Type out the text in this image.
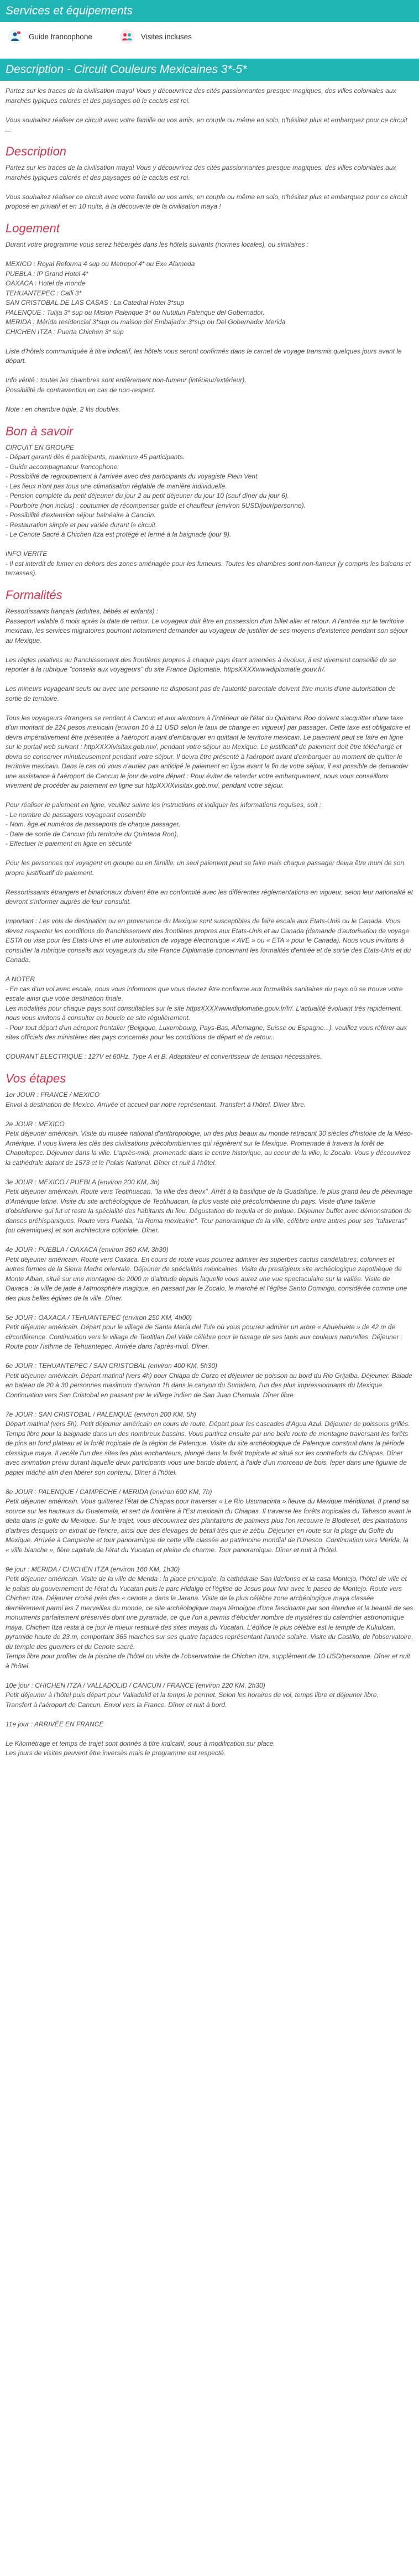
Services et équipements
Guide francophone	Visites incluses
Description - Circuit Couleurs Mexicaines 3*-5*

Partez sur les traces de la civilisation maya! Vous y découvrirez des cités passionnantes presque magiques, des villes coloniales aux marchés typiques colorés et des paysages où le cactus est roi.

Vous souhaitez réaliser ce circuit avec votre famille ou vos amis, en couple ou même en solo, n'hésitez plus et embarquez pour ce circuit ...

Description

Partez sur les traces de la civilisation maya! Vous y découvrirez des cités passionnantes presque magiques, des villes coloniales aux marchés typiques colorés et des paysages où le cactus est roi.

Vous souhaitez réaliser ce circuit avec votre famille ou vos amis, en couple ou même en solo, n'hésitez plus et embarquez pour ce circuit proposé en privatif et en 10 nuits, à la découverte de la civilisation maya !

Logement

Durant votre programme vous serez hébergés dans les hôtels suivants (normes locales), ou similaires :

MEXICO : Royal Reforma 4 sup ou Metropol 4* ou Exe Alameda
PUEBLA : lP Grand Hotel 4*
OAXACA : Hotel de monde
TEHUANTEPEC : Calli 3*
SAN CRISTOBAL DE LAS CASAS : La Catedral Hotel 3*sup
PALENQUE : Tulija 3* sup ou Mision Palenque 3* ou Nututun Palenque del Gobernador.
MERIDA : Mérida residencial 3*sup ou maison del Embajador 3*sup ou Del Gobernador Merida
CHICHEN ITZA : Puerta Chichen 3* sup

Liste d'hôtels communiquée à titre indicatif, les hôtels vous seront confirmés dans le carnet de voyage transmis quelques jours avant le départ.

Info vérité : toutes les chambres sont entièrement non-fumeur (intérieur/extérieur).
Possibilité de contravention en cas de non-respect.

Note : en chambre triple, 2 lits doubles.

Bon à savoir

CIRCUIT EN GROUPE
- Départ garanti dès 6 participants, maximum 45 participants.
- Guide accompagnateur francophone.
- Possibilité de regroupement à l'arrivée avec des participants du voyagiste Plein Vent.
- Les lieux n'ont pas tous une climatisation réglable de manière individuelle.
- Pension complète du petit déjeuner du jour 2 au petit déjeuner du jour 10 (sauf dîner du jour 6).
- Pourboire (non inclus) : coutumier de récompenser guide et chauffeur (environ 5USD/jour/personne).
- Possibilité d'extension séjour balnéaire à Cancún.
- Restauration simple et peu variée durant le circuit.
- Le Cenote Sacré à Chichen Itza est protégé et fermé à la baignade (jour 9).

INFO VERITE
- Il est interdit de fumer en dehors des zones aménagée pour les fumeurs. Toutes les chambres sont non-fumeur (y compris les balcons et terrasses).

Formalités

Ressortissants français (adultes, bébés et enfants) :
Passeport valable 6 mois après la date de retour. Le voyageur doit être en possession d'un billet aller et retour. A l'entrée sur le territoire mexicain, les services migratoires pourront notamment demander au voyageur de justifier de ses moyens d'existence pendant son séjour au Mexique.

Les règles relatives au franchissement des frontières propres à chaque pays étant amenées à évoluer, il est vivement conseillé de se reporter à la rubrique "conseils aux voyageurs" du site France Diplomatie, httpsXXXXwwwdiplomatie.gouv.fr/.

Les mineurs voyageant seuls ou avec une personne ne disposant pas de l'autorité parentale doivent être munis d'une autorisation de sortie de territoire.

Tous les voyageurs étrangers se rendant à Cancun et aux alentours à l'intérieur de l'état du Quintana Roo doivent s'acquitter d'une taxe d'un montant de 224 pesos mexicain (environ 10 à 11 USD selon le taux de change en vigueur) par passager. Cette taxe est obligatoire et devra impérativement être présentée à l'aéroport avant d'embarquer en quittant le territoire mexicain. Le paiement peut se faire en ligne sur le portail web suivant : httpXXXXvisitax.gob.mx/, pendant votre séjour au Mexique. Le justificatif de paiement doit être téléchargé et devra se conserver minutieusement pendant votre séjour. Il devra être présenté à l'aéroport avant d'embarquer au moment de quitter le territoire mexicain. Dans le cas où vous n'auriez pas anticipé le paiement en ligne avant la fin de votre séjour, il est possible de demander une assistance à l'aéroport de Cancun le jour de votre départ : Pour éviter de retarder votre embarquement, nous vous conseillons vivement de procéder au paiement en ligne sur httpXXXXvisitax.gob.mx/, pendant votre séjour.

Pour réaliser le paiement en ligne, veuillez suivre les instructions et indiquer les informations requises, soit :
- Le nombre de passagers voyageant ensemble
- Nom, âge et numéros de passeports de chaque passager,
- Date de sortie de Cancun (du territoire du Quintana Roo),
- Effectuer le paiement en ligne en sécurité

Pour les personnes qui voyagent en groupe ou en famille, un seul paiement peut se faire mais chaque passager devra être muni de son propre justificatif de paiement.

Ressortissants étrangers et binationaux doivent être en conformité avec les différentes réglementations en vigueur, selon leur nationalité et devront s'informer auprès de leur consulat.

Important : Les vols de destination ou en provenance du Mexique sont susceptibles de faire escale aux Etats-Unis ou le Canada. Vous devez respecter les conditions de franchissement des frontières propres aux Etats-Unis et au Canada (demande d'autorisation de voyage ESTA ou visa pour les Etats-Unis et une autorisation de voyage électronique « AVE » ou « ETA » pour le Canada). Nous vous invitons à consulter la rubrique conseils aux voyageurs du site France Diplomatie concernant les formalités d'entrée et de sortie des Etats-Unis et du Canada.

A NOTER
- En cas d'un vol avec escale, nous vous informons que vous devrez être conforme aux formalités sanitaires du pays où se trouve votre escale ainsi que votre destination finale.
Les modalités pour chaque pays sont consultables sur le site httpsXXXXwwwdiplomatie.gouv.fr/fr/. L'actualité évoluant très rapidement, nous vous invitons à consulter en boucle ce site régulièrement.
- Pour tout départ d'un aéroport frontalier (Belgique, Luxembourg, Pays-Bas, Allemagne, Suisse ou Espagne...), veuillez vous référer aux sites officiels des ministères des pays concernés pour les conditions de départ et de retour..

COURANT ELECTRIQUE : 127V et 60Hz. Type A et B. Adaptateur et convertisseur de tension nécessaires.

Vos étapes

1er JOUR : FRANCE / MEXICO
Envol à destination de Mexico. Arrivée et accueil par notre représentant. Transfert à l'hôtel. Dîner libre.

2e JOUR : MEXICO
Petit déjeuner américain. Visite du musée national d'anthropologie, un des plus beaux au monde retraçant 30 siècles d'histoire de la Méso-Amérique. Il vous livrera les clés des civilisations précolombiennes qui régnèrent sur le Mexique. Promenade à travers la forêt de Chapultepec. Déjeuner dans la ville. L'après-midi, promenade dans le centre historique, au coeur de la ville, le Zocalo. Vous y découvrirez la cathédrale datant de 1573 et le Palais National. Dîner et nuit à l'hôtel.

3e JOUR : MEXICO / PUEBLA (environ 200 KM, 3h)
Petit déjeuner américain. Route vers Teotihuacan, "la ville des dieux". Arrêt à la basilique de la Guadalupe, le plus grand lieu de pèlerinage d'Amérique latine. Visite du site archéologique de Teotihuacan, la plus vaste cité précolombienne du pays. Visite d'une taillerie d'obsidienne qui fut et reste la spécialité des habitants du lieu. Dégustation de tequila et de pulque. Déjeuner buffet avec démonstration de danses préhispaniques. Route vers Puebla, "la Roma mexicaine". Tour panoramique de la ville, célèbre entre autres pour ses "talaveras" (ou céramiques) et son architecture coloniale. Dîner.

4e JOUR : PUEBLA / OAXACA (environ 360 KM, 3h30)
Petit déjeuner américain. Route vers Oaxaca. En cours de route vous pourrez admirer les superbes cactus candélabres, colonnes et autres formes de la Sierra Madre orientale. Déjeuner de spécialités mexicaines. Visite du prestigieux site archéologique zapothèque de Monte Alban, situé sur une montagne de 2000 m d'altitude depuis laquelle vous aurez une vue spectaculaire sur la vallée. Visite de Oaxaca : la ville de jade à l'atmosphère magique, en passant par le Zocalo, le marché et l'église Santo Domingo, considérée comme une des plus belles églises de la ville. Dîner.

5e JOUR : OAXACA / TEHUANTEPEC (environ 250 KM, 4h00)
Petit déjeuner américain. Départ pour le village de Santa Maria del Tule où vous pourrez admirer un arbre « Ahuehuete » de 42 m de circonférence. Continuation vers le village de Teotitlan Del Valle célèbre pour le tissage de ses tapis aux couleurs naturelles. Déjeuner : Route pour l'isthme de Tehuantepec. Arrivée dans l'après-midi. Dîner.

6e JOUR : TEHUANTEPEC / SAN CRISTOBAL (environ 400 KM, 5h30)
Petit déjeuner américain. Départ matinal (vers 4h) pour Chiapa de Corzo et déjeuner de poisson au bord du Rio Grijalba. Déjeuner. Balade en bateau de 20 à 30 personnes maximum d'environ 1h dans le canyon du Sumidero, l'un des plus impressionnants du Mexique. Continuation vers San Cristobal en passant par le village indien de San Juan Chamula. Dîner libre.

7e JOUR : SAN CRISTOBAL / PALENQUE (environ 200 KM, 5h)
Départ matinal (vers 5h). Petit déjeuner américain en cours de route. Départ pour les cascades d'Agua Azul. Déjeuner de poissons grillés. Temps libre pour la baignade dans un des nombreux bassins. Vous partirez ensuite par une belle route de montagne traversant les forêts de pins au fond plateau et la forêt tropicale de la région de Palenque. Visite du site archéologique de Palenque construit dans la période classique maya. Il recèle l'un des sites les plus enchanteurs, plongé dans la forêt tropicale et situé sur les contreforts du Chiapas. Dîner avec animation prévu durant laquelle deux participants vous une bande dotient, à l'aide d'un morceau de bois, leper dans une figurine de papier mâché afin d'en libérer son contenu. Dîner à l'hôtel.

8e JOUR : PALENQUE / CAMPECHE / MERIDA (environ 600 KM, 7h)
Petit déjeuner américain. Vous quitterez l'état de Chiapas pour traverser « Le Rio Usumacinta » fleuve du Mexique méridional. Il prend sa source sur les hauteurs du Guatemala, et sert de frontière à l'Est mexicain du Chiapas. Il traverse les forêts tropicales du Tabasco avant le delta dans le golfe du Mexique. Sur le trajet, vous découvrirez des plantations de palmiers plus l'on recouvre le Blodiesel, des plantations d'arbres desquels on extrait de l'encre, ainsi que des élevages de bétail très que le zébu. Déjeuner en route sur la plage du Golfe du Mexique. Arrivée à Campeche et tour panoramique de cette ville classée au patrimoine mondial de l'Unesco. Continuation vers Merida, la « ville blanche », fière capitale de l'état du Yucatan et pleine de charme. Tour panoramique. Dîner et nuit à l'hôtel.

9e jour : MERIDA / CHICHEN ITZA (environ 160 KM, 1h30)
Petit déjeuner américain. Visite de la ville de Merida : la place principale, la cathédrale San Ildefonso et la casa Montejo, l'hôtel de ville et le palais du gouvernement de l'état du Yucatan puis le parc Hidalgo et l'église de Jesus pour finir avec le paseo de Montejo. Route vers Chichen Itza. Déjeuner croisé près des « cenote » dans la Jarana. Visite de la plus célèbre zone archéologique maya classée dernièrement parmi les 7 merveilles du monde, ce site archéologique maya témoigne d'une fascinante par son étendue et la beauté de ses monuments parfaitement préservés dont une pyramide, ce que l'on a permis d'élucider nombre de mystères du calendrier astronomique maya. Chichen Itza resta à ce jour le mieux restauré des sites mayas du Yucatan. L'édifice le plus célèbre est le temple de Kukulcan, pyramide haute de 23 m, comportant 365 marches sur ses quatre façades représentant l'année solaire. Visite du Castillo, de l'observatoire, du temple des guerriers et du Cenote sacré.
Temps libre pour profiter de la piscine de l'hôtel ou visite de l'observatoire de Chichen Itza, supplément de 10 USD/personne. Dîner et nuit à l'hôtel.

10e jour : CHICHEN ITZA / VALLADOLID / CANCUN / FRANCE (environ 220 KM, 2h30)
Petit déjeuner à l'hôtel puis départ pour Valladolid et la temps le permet. Selon les horaires de vol, temps libre et déjeuner libre.
Transfert à l'aéroport de Cancun. Envol vers la France. Dîner et nuit à bord.

11e jour : ARRIVÉE EN FRANCE

Le Kilométrage et temps de trajet sont donnés à titre indicatif, sous à modification sur place.
Les jours de visites peuvent être inversés mais le programme est respecté.
